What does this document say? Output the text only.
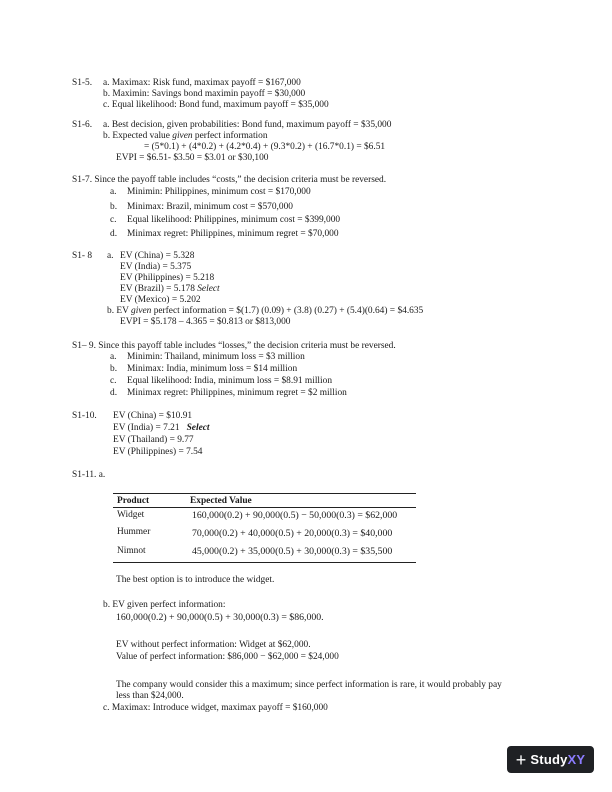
S1-5. a. Maximax: Risk fund, maximax payoff = $167,000
b. Maximin: Savings bond maximin payoff = $30,000
c. Equal likelihood: Bond fund, maximum payoff = $35,000
S1-6. a. Best decision, given probabilities: Bond fund, maximum payoff = $35,000
b. Expected value given perfect information
= (5*0.1) + (4*0.2) + (4.2*0.4) + (9.3*0.2) + (16.7*0.1) = $6.51
EVPI = $6.51- $3.50 = $3.01 or $30,100
S1-7. Since the payoff table includes “costs,” the decision criteria must be reversed.
a. Minimin: Philippines, minimum cost = $170,000
b. Minimax: Brazil, minimum cost = $570,000
c. Equal likelihood: Philippines, minimum cost = $399,000
d. Minimax regret: Philippines, minimum regret = $70,000
S1- 8 a. EV (China) = 5.328
EV (India) = 5.375
EV (Philippines) = 5.218
EV (Brazil) = 5.178 Select
EV (Mexico) = 5.202
b. EV given perfect information = $(1.7) (0.09) + (3.8) (0.27) + (5.4)(0.64) = $4.635
EVPI = $5.178 – 4.365 = $0.813 or $813,000
S1– 9. Since this payoff table includes “losses,” the decision criteria must be reversed.
a. Minimin: Thailand, minimum loss = $3 million
b. Minimax: India, minimum loss = $14 million
c. Equal likelihood: India, minimum loss = $8.91 million
d. Minimax regret: Philippines, minimum regret = $2 million
S1-10. EV (China) = $10.91
EV (India) = 7.21 Select
EV (Thailand) = 9.77
EV (Philippines) = 7.54
S1-11. a.
Product	Expected Value
Widget	160,000(0.2) + 90,000(0.5) − 50,000(0.3) = $62,000
Hummer	70,000(0.2) + 40,000(0.5) + 20,000(0.3) = $40,000
Nimnot	45,000(0.2) + 35,000(0.5) + 30,000(0.3) = $35,500
The best option is to introduce the widget.
b. EV given perfect information:
160,000(0.2) + 90,000(0.5) + 30,000(0.3) = $86,000.
EV without perfect information: Widget at $62,000.
Value of perfect information: $86,000 − $62,000 = $24,000
The company would consider this a maximum; since perfect information is rare, it would probably pay
less than $24,000.
c. Maximax: Introduce widget, maximax payoff = $160,000
+ Study XY
